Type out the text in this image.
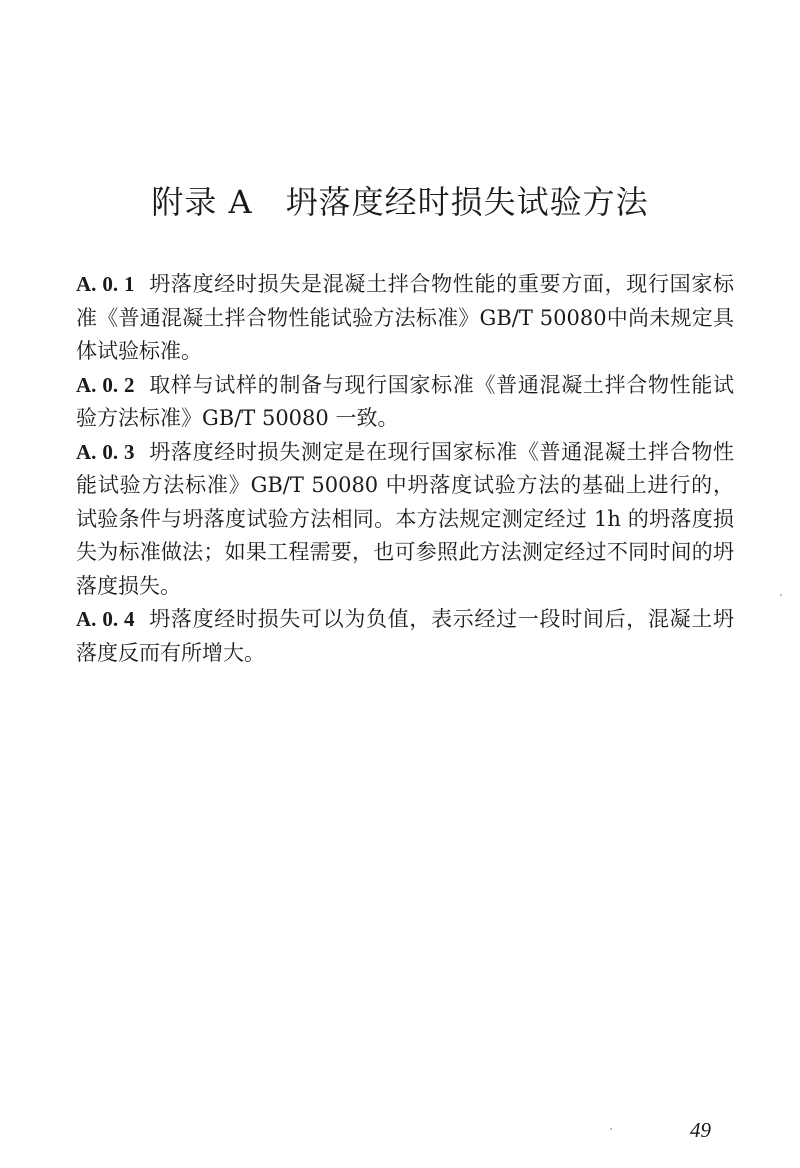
附录 A　坍落度经时损失试验方法

A. 0. 1 坍落度经时损失是混凝土拌合物性能的重要方面，现行国家标准《普通混凝土拌合物性能试验方法标准》GB/T 50080中尚未规定具体试验标准。

A. 0. 2 取样与试样的制备与现行国家标准《普通混凝土拌合物性能试验方法标准》GB/T 50080 一致。

A. 0. 3 坍落度经时损失测定是在现行国家标准《普通混凝土拌合物性能试验方法标准》GB/T 50080 中坍落度试验方法的基础上进行的，试验条件与坍落度试验方法相同。本方法规定测定经过 1h 的坍落度损失为标准做法；如果工程需要，也可参照此方法测定经过不同时间的坍落度损失。

A. 0. 4 坍落度经时损失可以为负值，表示经过一段时间后，混凝土坍落度反而有所增大。

49
